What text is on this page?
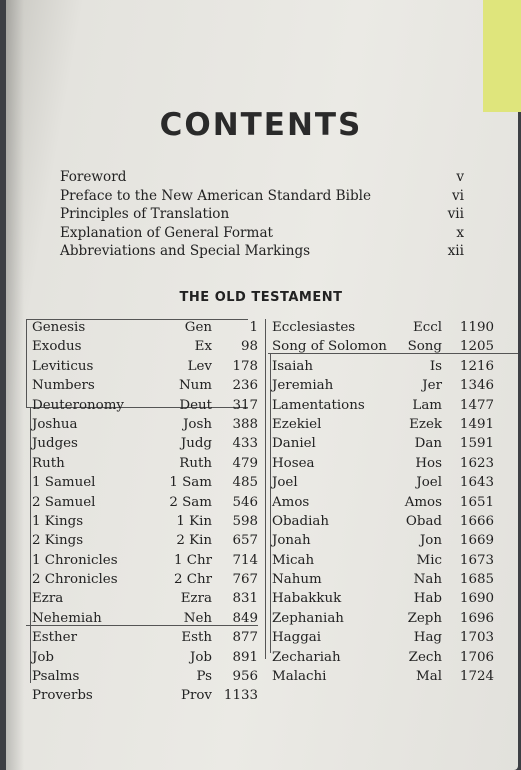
CONTENTS
Foreword	v
Preface to the New American Standard Bible	vi
Principles of Translation	vii
Explanation of General Format	x
Abbreviations and Special Markings	xii
THE OLD TESTAMENT
Genesis	Gen	1
Exodus	Ex 98
Leviticus	Lev 178
Numbers	Num 236
Deuteronomy	Deut 317
Joshua	Josh 388
Judges	Judg 433
Ruth	Ruth 479
1 Samuel	1 Sam 485
2 Samuel	2 Sam 546
1 Kings	1 Kin 598
2 Kings	2 Kin 657
1 Chronicles	1 Chr 714
2 Chronicles	2 Chr 767
Ezra	Ezra 831
Nehemiah	Neh 849
Esther	Esth 877
Job	Job 891
Psalms	Ps 956
Proverbs	Prov 1133
Ecclesiastes	Eccl 1190
Song of Solomon Song 1205
Isaiah	Is 1216
Jeremiah	Jer 1346
Lamentations	Lam 1477
Ezekiel	Ezek 1491
Daniel	Dan 1591
Hosea	Hos 1623
Joel	Joel 1643
Amos	Amos 1651
Obadiah	Obad 1666
Jonah	Jon 1669
Micah	Mic 1673
Nahum	Nah 1685
Habakkuk	Hab 1690
Zephaniah	Zeph 1696
Haggai	Hag 1703
Zechariah	Zech 1706
Malachi	Mal 1724
